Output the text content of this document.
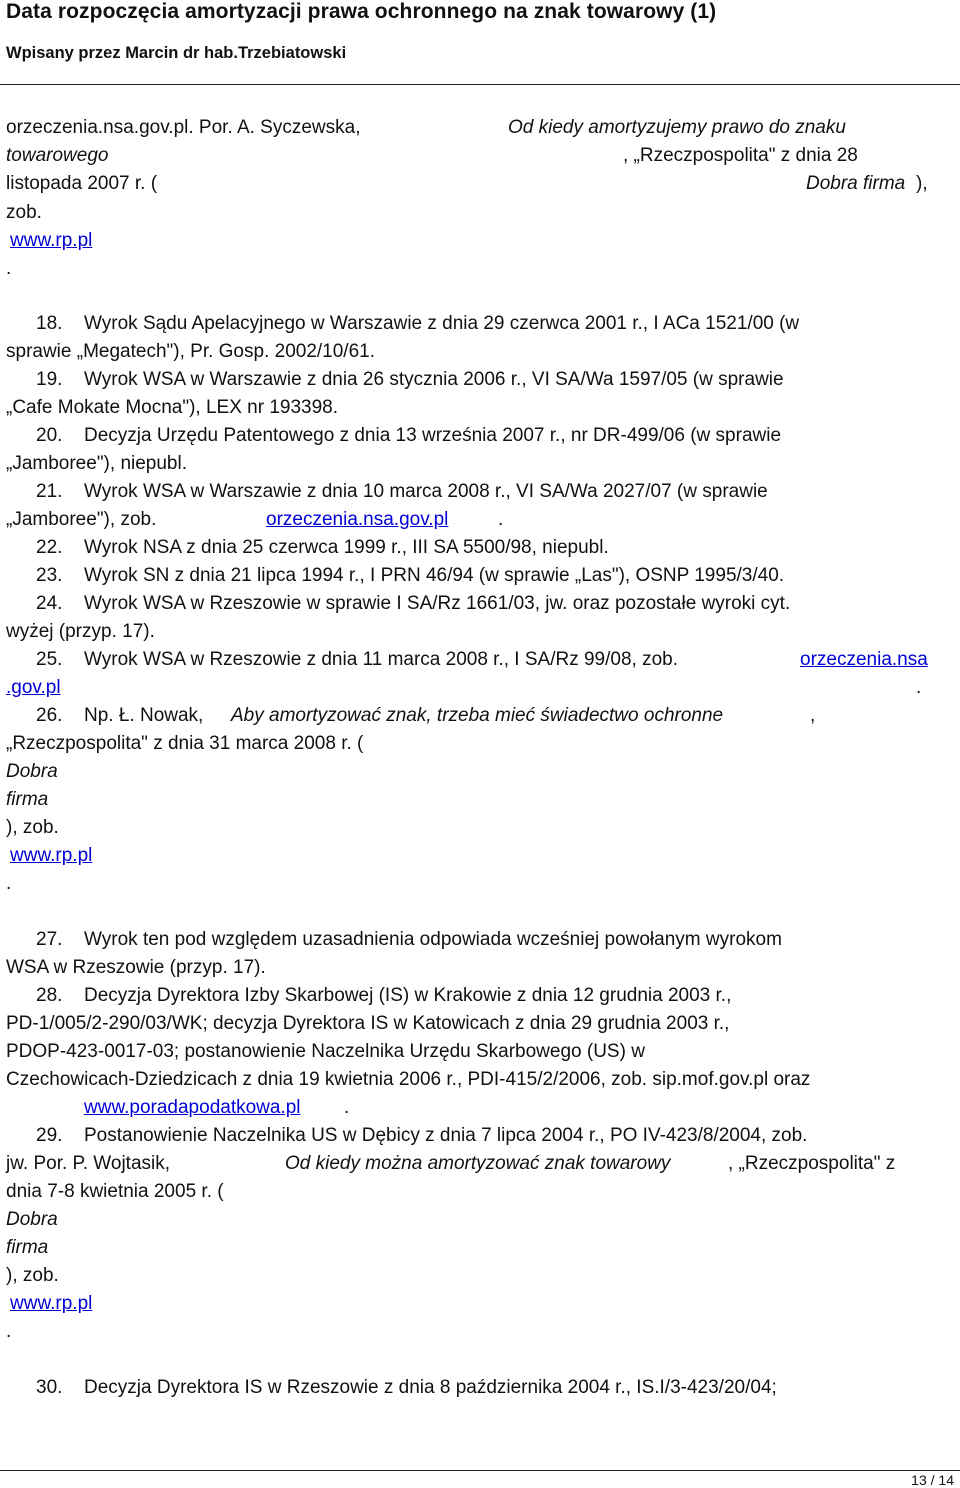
Data rozpoczęcia amortyzacji prawa ochronnego na znak towarowy (1)
Wpisany przez Marcin dr hab.Trzebiatowski
orzeczenia.nsa.gov.pl. Por. A. Syczewska,	Od kiedy amortyzujemy prawo do znaku
towarowego	, „Rzeczpospolita" z dnia 28
listopada 2007 r. (	Dobra firma ),
zob.
www.rp.pl
.
18. Wyrok Sądu Apelacyjnego w Warszawie z dnia 29 czerwca 2001 r., I ACa 1521/00 (w
sprawie „Megatech"), Pr. Gosp. 2002/10/61.
19. Wyrok WSA w Warszawie z dnia 26 stycznia 2006 r., VI SA/Wa 1597/05 (w sprawie
„Cafe Mokate Mocna"), LEX nr 193398.
20. Decyzja Urzędu Patentowego z dnia 13 września 2007 r., nr DR-499/06 (w sprawie
„Jamboree"), niepubl.
21. Wyrok WSA w Warszawie z dnia 10 marca 2008 r., VI SA/Wa 2027/07 (w sprawie
„Jamboree"), zob.	orzeczenia.nsa.gov.pl	.
22. Wyrok NSA z dnia 25 czerwca 1999 r., III SA 5500/98, niepubl.
23. Wyrok SN z dnia 21 lipca 1994 r., I PRN 46/94 (w sprawie „Las"), OSNP 1995/3/40.
24. Wyrok WSA w Rzeszowie w sprawie I SA/Rz 1661/03, jw. oraz pozostałe wyroki cyt.
wyżej (przyp. 17).
25. Wyrok WSA w Rzeszowie z dnia 11 marca 2008 r., I SA/Rz 99/08, zob.	orzeczenia.nsa
.gov.pl	.
26. Np. Ł. Nowak, Aby amortyzować znak, trzeba mieć świadectwo ochronne	,
„Rzeczpospolita" z dnia 31 marca 2008 r. (
Dobra
firma
), zob.
www.rp.pl
.
27. Wyrok ten pod względem uzasadnienia odpowiada wcześniej powołanym wyrokom
WSA w Rzeszowie (przyp. 17).
28. Decyzja Dyrektora Izby Skarbowej (IS) w Krakowie z dnia 12 grudnia 2003 r.,
PD-1/005/2-290/03/WK; decyzja Dyrektora IS w Katowicach z dnia 29 grudnia 2003 r.,
PDOP-423-0017-03; postanowienie Naczelnika Urzędu Skarbowego (US) w
Czechowicach-Dziedzicach z dnia 19 kwietnia 2006 r., PDI-415/2/2006, zob. sip.mof.gov.pl oraz
www.poradapodatkowa.pl .
29. Postanowienie Naczelnika US w Dębicy z dnia 7 lipca 2004 r., PO IV-423/8/2004, zob.
jw. Por. P. Wojtasik,	Od kiedy można amortyzować znak towarowy	, „Rzeczpospolita" z
dnia 7-8 kwietnia 2005 r. (
Dobra
firma
), zob.
www.rp.pl
.
30. Decyzja Dyrektora IS w Rzeszowie z dnia 8 października 2004 r., IS.I/3-423/20/04;
13 / 14
